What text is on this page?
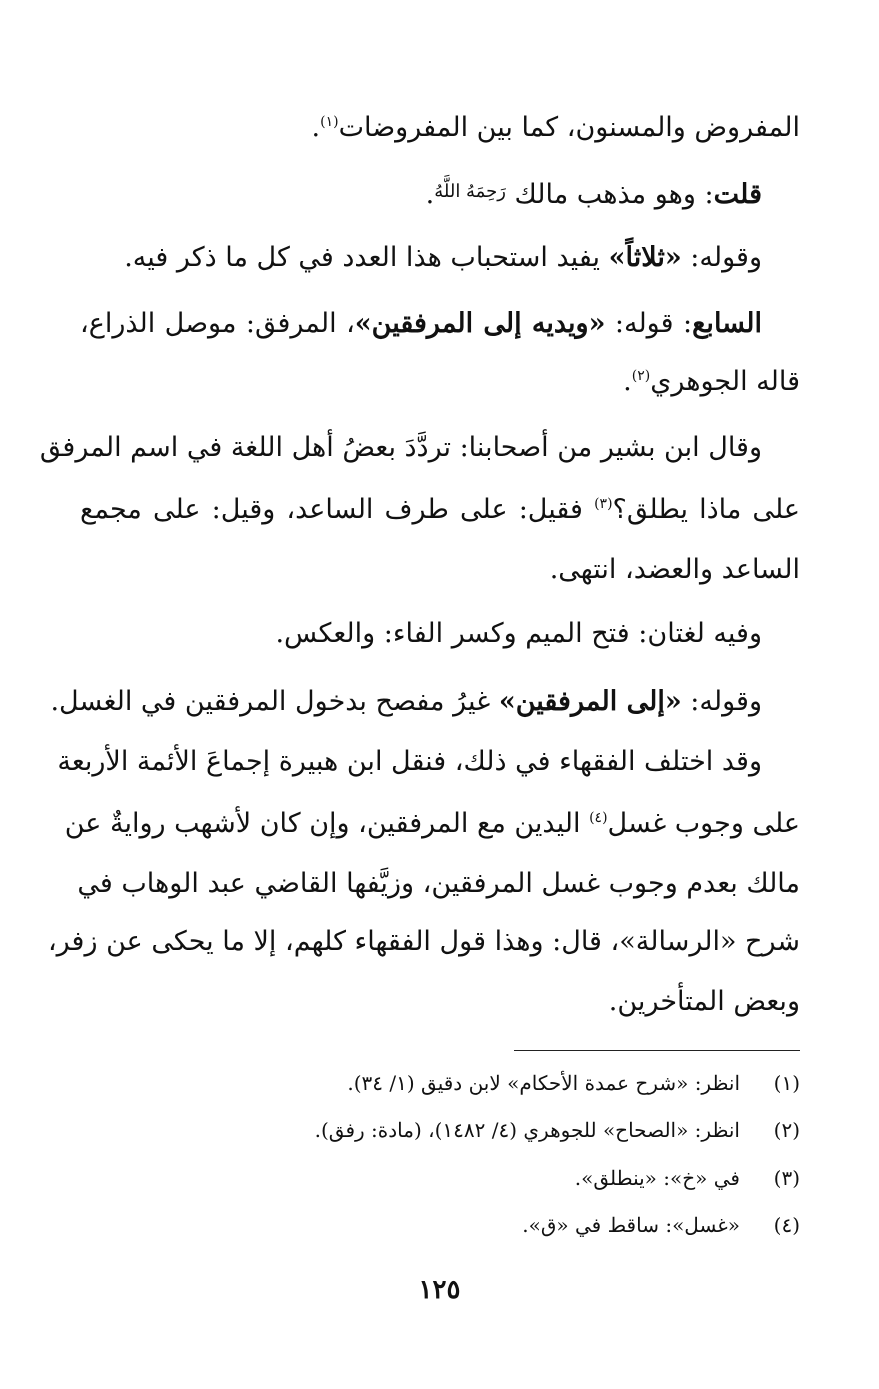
المفروض والمسنون، كما بين المفروضات$^{(١)}$.
قلت: وهو مذهب مالك $^{رَحِمَهُ اللَّهُ}$.
وقوله: «ثلاثاً» يفيد استحباب هذا العدد في كل ما ذكر فيه.
السابع: قوله: «ويديه إلى المرفقين»، المرفق: موصل الذراع،
قاله الجوهري$^{(٢)}$.
وقال ابن بشير من أصحابنا: تردَّدَ بعضُ أهل اللغة في اسم المرفق
على ماذا يطلق؟$^{(٣)}$ فقيل: على طرف الساعد، وقيل: على مجمع
الساعد والعضد، انتهى.
وفيه لغتان: فتح الميم وكسر الفاء: والعكس.
وقوله: «إلى المرفقين» غيرُ مفصح بدخول المرفقين في الغسل.
وقد اختلف الفقهاء في ذلك، فنقل ابن هبيرة إجماعَ الأئمة الأربعة
على وجوب غسل$^{(٤)}$ اليدين مع المرفقين، وإن كان لأشهب روايةٌ عن
مالك بعدم وجوب غسل المرفقين، وزيَّفها القاضي عبد الوهاب في
شرح «الرسالة»، قال: وهذا قول الفقهاء كلهم، إلا ما يحكى عن زفر،
وبعض المتأخرين.
(١)انظر: «شرح عمدة الأحكام» لابن دقيق (١/ ٣٤).
(٢)انظر: «الصحاح» للجوهري (٤/ ١٤٨٢)، (مادة: رفق).
(٣)في «خ»: «ينطلق».
(٤)«غسل»: ساقط في «ق».
١٢٥
